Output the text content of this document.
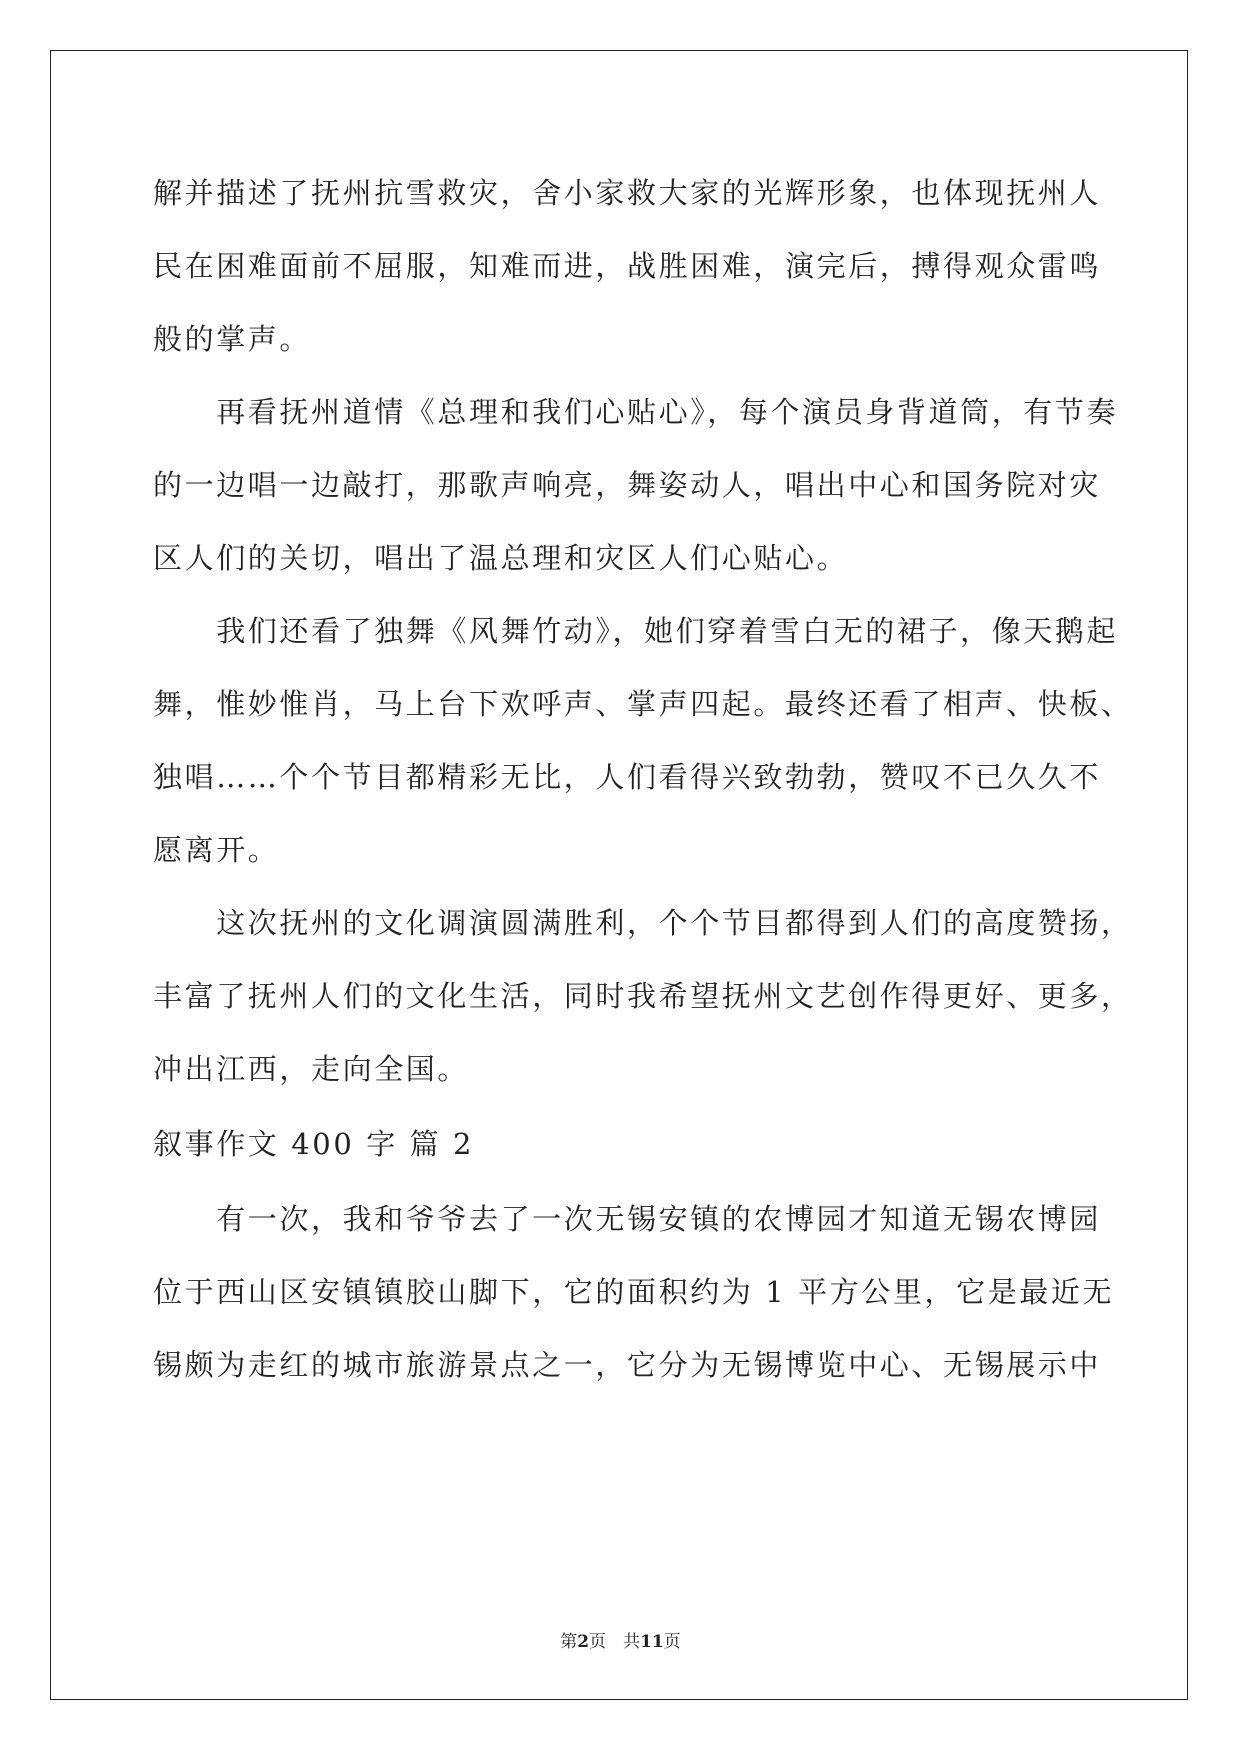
解并描述了抚州抗雪救灾，舍小家救大家的光辉形象，也体现抚州人
民在困难面前不屈服，知难而进，战胜困难，演完后，搏得观众雷鸣
般的掌声。
　　再看抚州道情《总理和我们心贴心》，每个演员身背道筒，有节奏
的一边唱一边敲打，那歌声响亮，舞姿动人，唱出中心和国务院对灾
区人们的关切，唱出了温总理和灾区人们心贴心。
　　我们还看了独舞《风舞竹动》，她们穿着雪白无的裙子，像天鹅起
舞，惟妙惟肖，马上台下欢呼声、掌声四起。最终还看了相声、快板、
独唱……个个节目都精彩无比，人们看得兴致勃勃，赞叹不已久久不
愿离开。
　　这次抚州的文化调演圆满胜利，个个节目都得到人们的高度赞扬，
丰富了抚州人们的文化生活，同时我希望抚州文艺创作得更好、更多，
冲出江西，走向全国。
叙事作文 400 字 篇 2
　　有一次，我和爷爷去了一次无锡安镇的农博园才知道无锡农博园
位于西山区安镇镇胶山脚下，它的面积约为 1 平方公里，它是最近无
锡颇为走红的城市旅游景点之一，它分为无锡博览中心、无锡展示中
第2页　共11页
